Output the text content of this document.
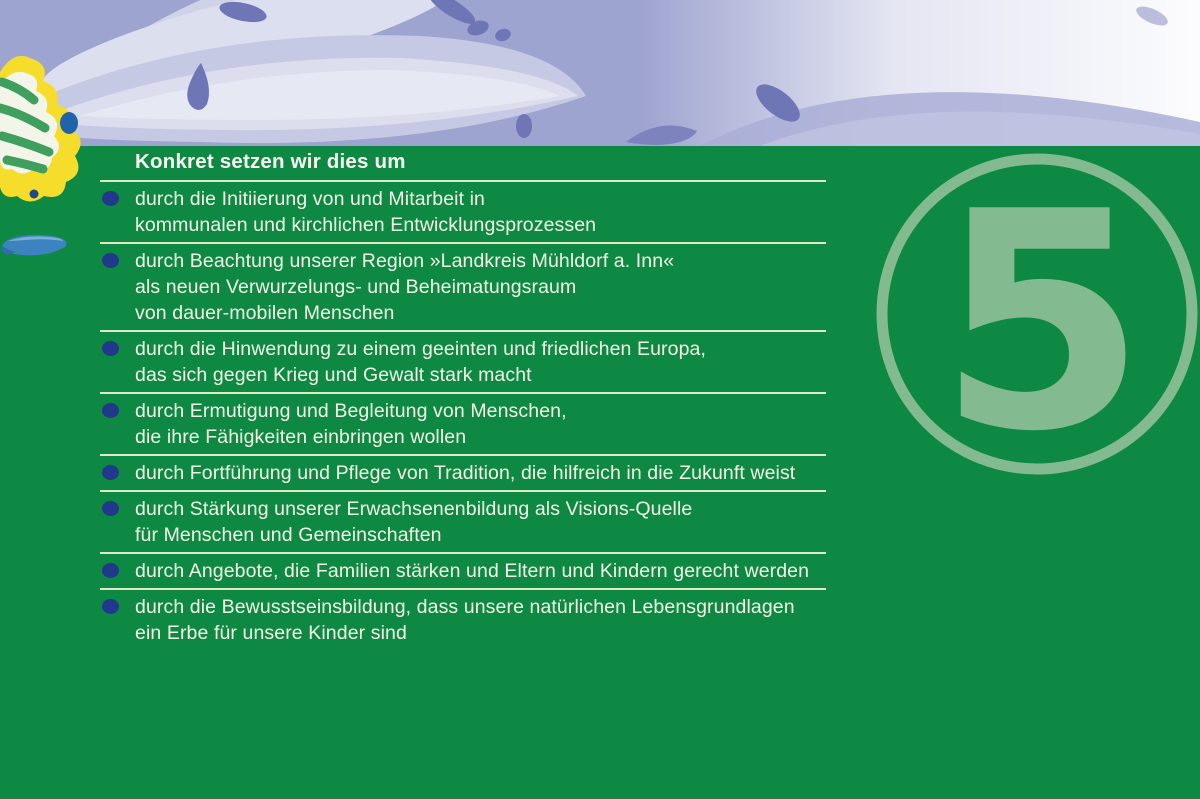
5
Konkret setzen wir dies um
durch die Initiierung von und Mitarbeit in
kommunalen und kirchlichen Entwicklungsprozessen
durch Beachtung unserer Region »Landkreis Mühldorf a. Inn«
als neuen Verwurzelungs- und Beheimatungsraum
von dauer-mobilen Menschen
durch die Hinwendung zu einem geeinten und friedlichen Europa,
das sich gegen Krieg und Gewalt stark macht
durch Ermutigung und Begleitung von Menschen,
die ihre Fähigkeiten einbringen wollen
durch Fortführung und Pflege von Tradition, die hilfreich in die Zukunft weist
durch Stärkung unserer Erwachsenenbildung als Visions-Quelle
für Menschen und Gemeinschaften
durch Angebote, die Familien stärken und Eltern und Kindern gerecht werden
durch die Bewusstseinsbildung, dass unsere natürlichen Lebensgrundlagen
ein Erbe für unsere Kinder sind
